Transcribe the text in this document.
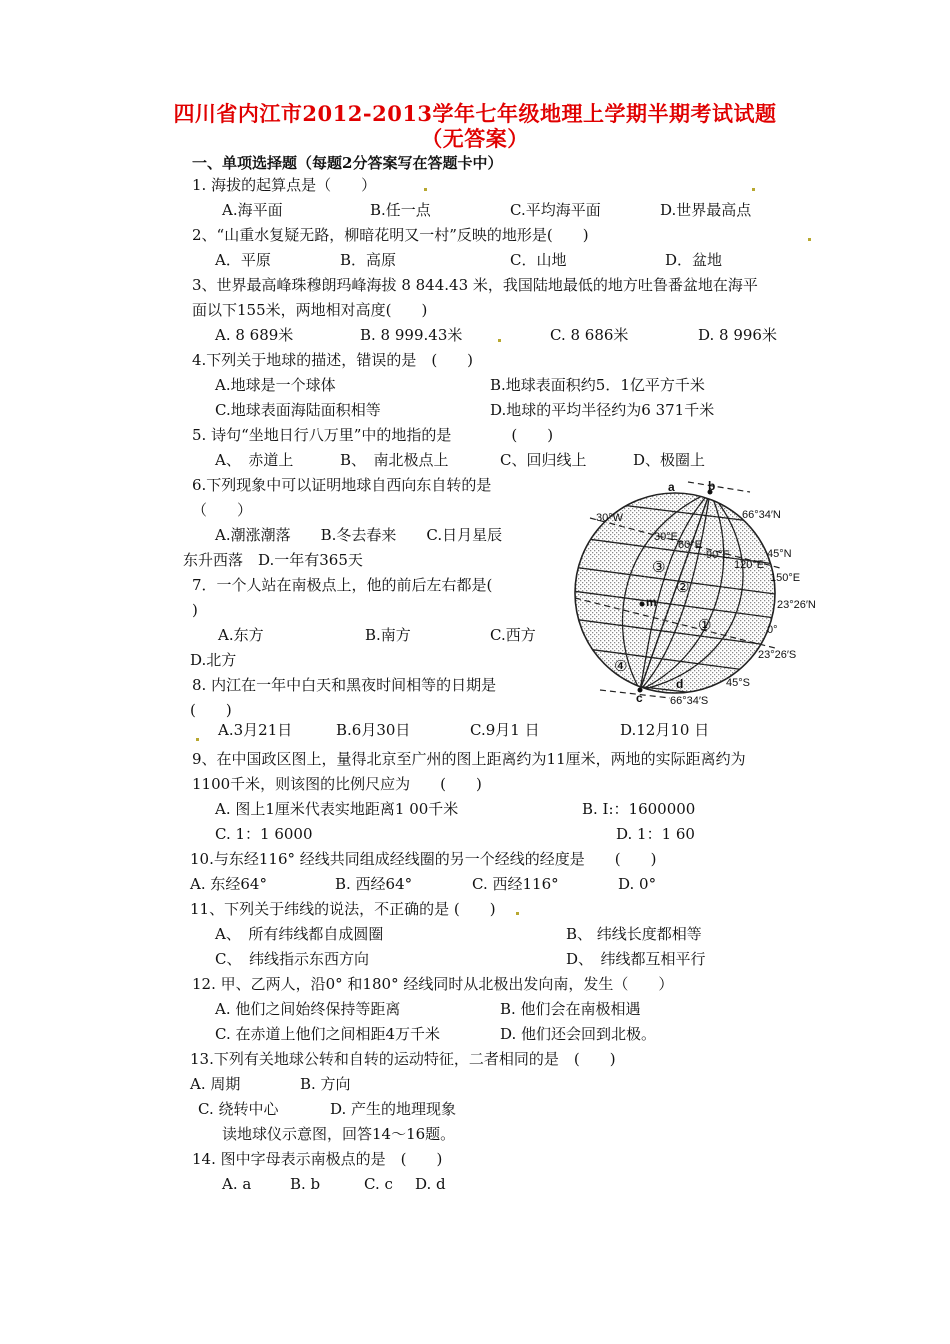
四川省内江市2012-2013学年七年级地理上学期半期考试试题
（无答案）
一、单项选择题（每题2分答案写在答题卡中）
1. 海拔的起算点是（　　）
A.海平面	B.任一点	C.平均海平面	D.世界最高点
2、“山重水复疑无路，柳暗花明又一村”反映的地形是(　　)
A．平原	B．高原	C．山地	D．盆地
3、世界最高峰珠穆朗玛峰海拔 8 844.43 米，我国陆地最低的地方吐鲁番盆地在海平
面以下155米，两地相对高度(　　)
A. 8 689米	B. 8 999.43米	C. 8 686米	D. 8 996米
4.下列关于地球的描述，错误的是　(　　)
A.地球是一个球体	B.地球表面积约5．1亿平方千米
C.地球表面海陆面积相等	D.地球的平均半径约为6 371千米
5. 诗句“坐地日行八万里”中的地指的是　　　　(　　)
A、　赤道上	B、　南北极点上	C、回归线上	D、极圈上
6.下列现象中可以证明地球自西向东自转的是
（　　）
A.潮涨潮落　　B.冬去春来　　C.日月星辰
东升西落　D.一年有365天
7．一个人站在南极点上，他的前后左右都是(
)
A.东方	B.南方	C.西方
D.北方
8. 内江在一年中白天和黑夜时间相等的日期是
(　　)
A.3月21日	B.6月30日	C.9月1 日	D.12月10 日
9、在中国政区图上，量得北京至广州的图上距离约为11厘米，两地的实际距离约为
1100千米，则该图的比例尺应为　　(　　)
A. 图上1厘米代表实地距离1 00千米	B. I:：1600000
C. 1：1 6000	D. 1：1 60
10.与东经116° 经线共同组成经线圈的另一个经线的经度是　　(　　)
A. 东经64°	B. 西经64°	C. 西经116°	D. 0°
11、下列关于纬线的说法，不正确的是 (　　)
A、　所有纬线都自成圆圈	B、 纬线长度都相等
C、　纬线指示东西方向	D、　纬线都互相平行
12. 甲、乙两人，沿0° 和180° 经线同时从北极出发向南，发生（　　）
A. 他们之间始终保持等距离	B. 他们会在南极相遇
C. 在赤道上他们之间相距4万千米	D. 他们还会回到北极。
13.下列有关地球公转和自转的运动特征，二者相同的是　(　　)
A. 周期	B. 方向
C. 绕转中心	D. 产生的地理现象
读地球仪示意图，回答14～16题。
14. 图中字母表示南极点的是　(　　)
A. a	B. b	C. c D. d
a	b
c
d
m
①
②
③
④
30°W	66°34′N
30°E
60°E
90°E
120°E
45°N
150°E
23°26′N
0°
23°26′S
45°S
66°34′S
